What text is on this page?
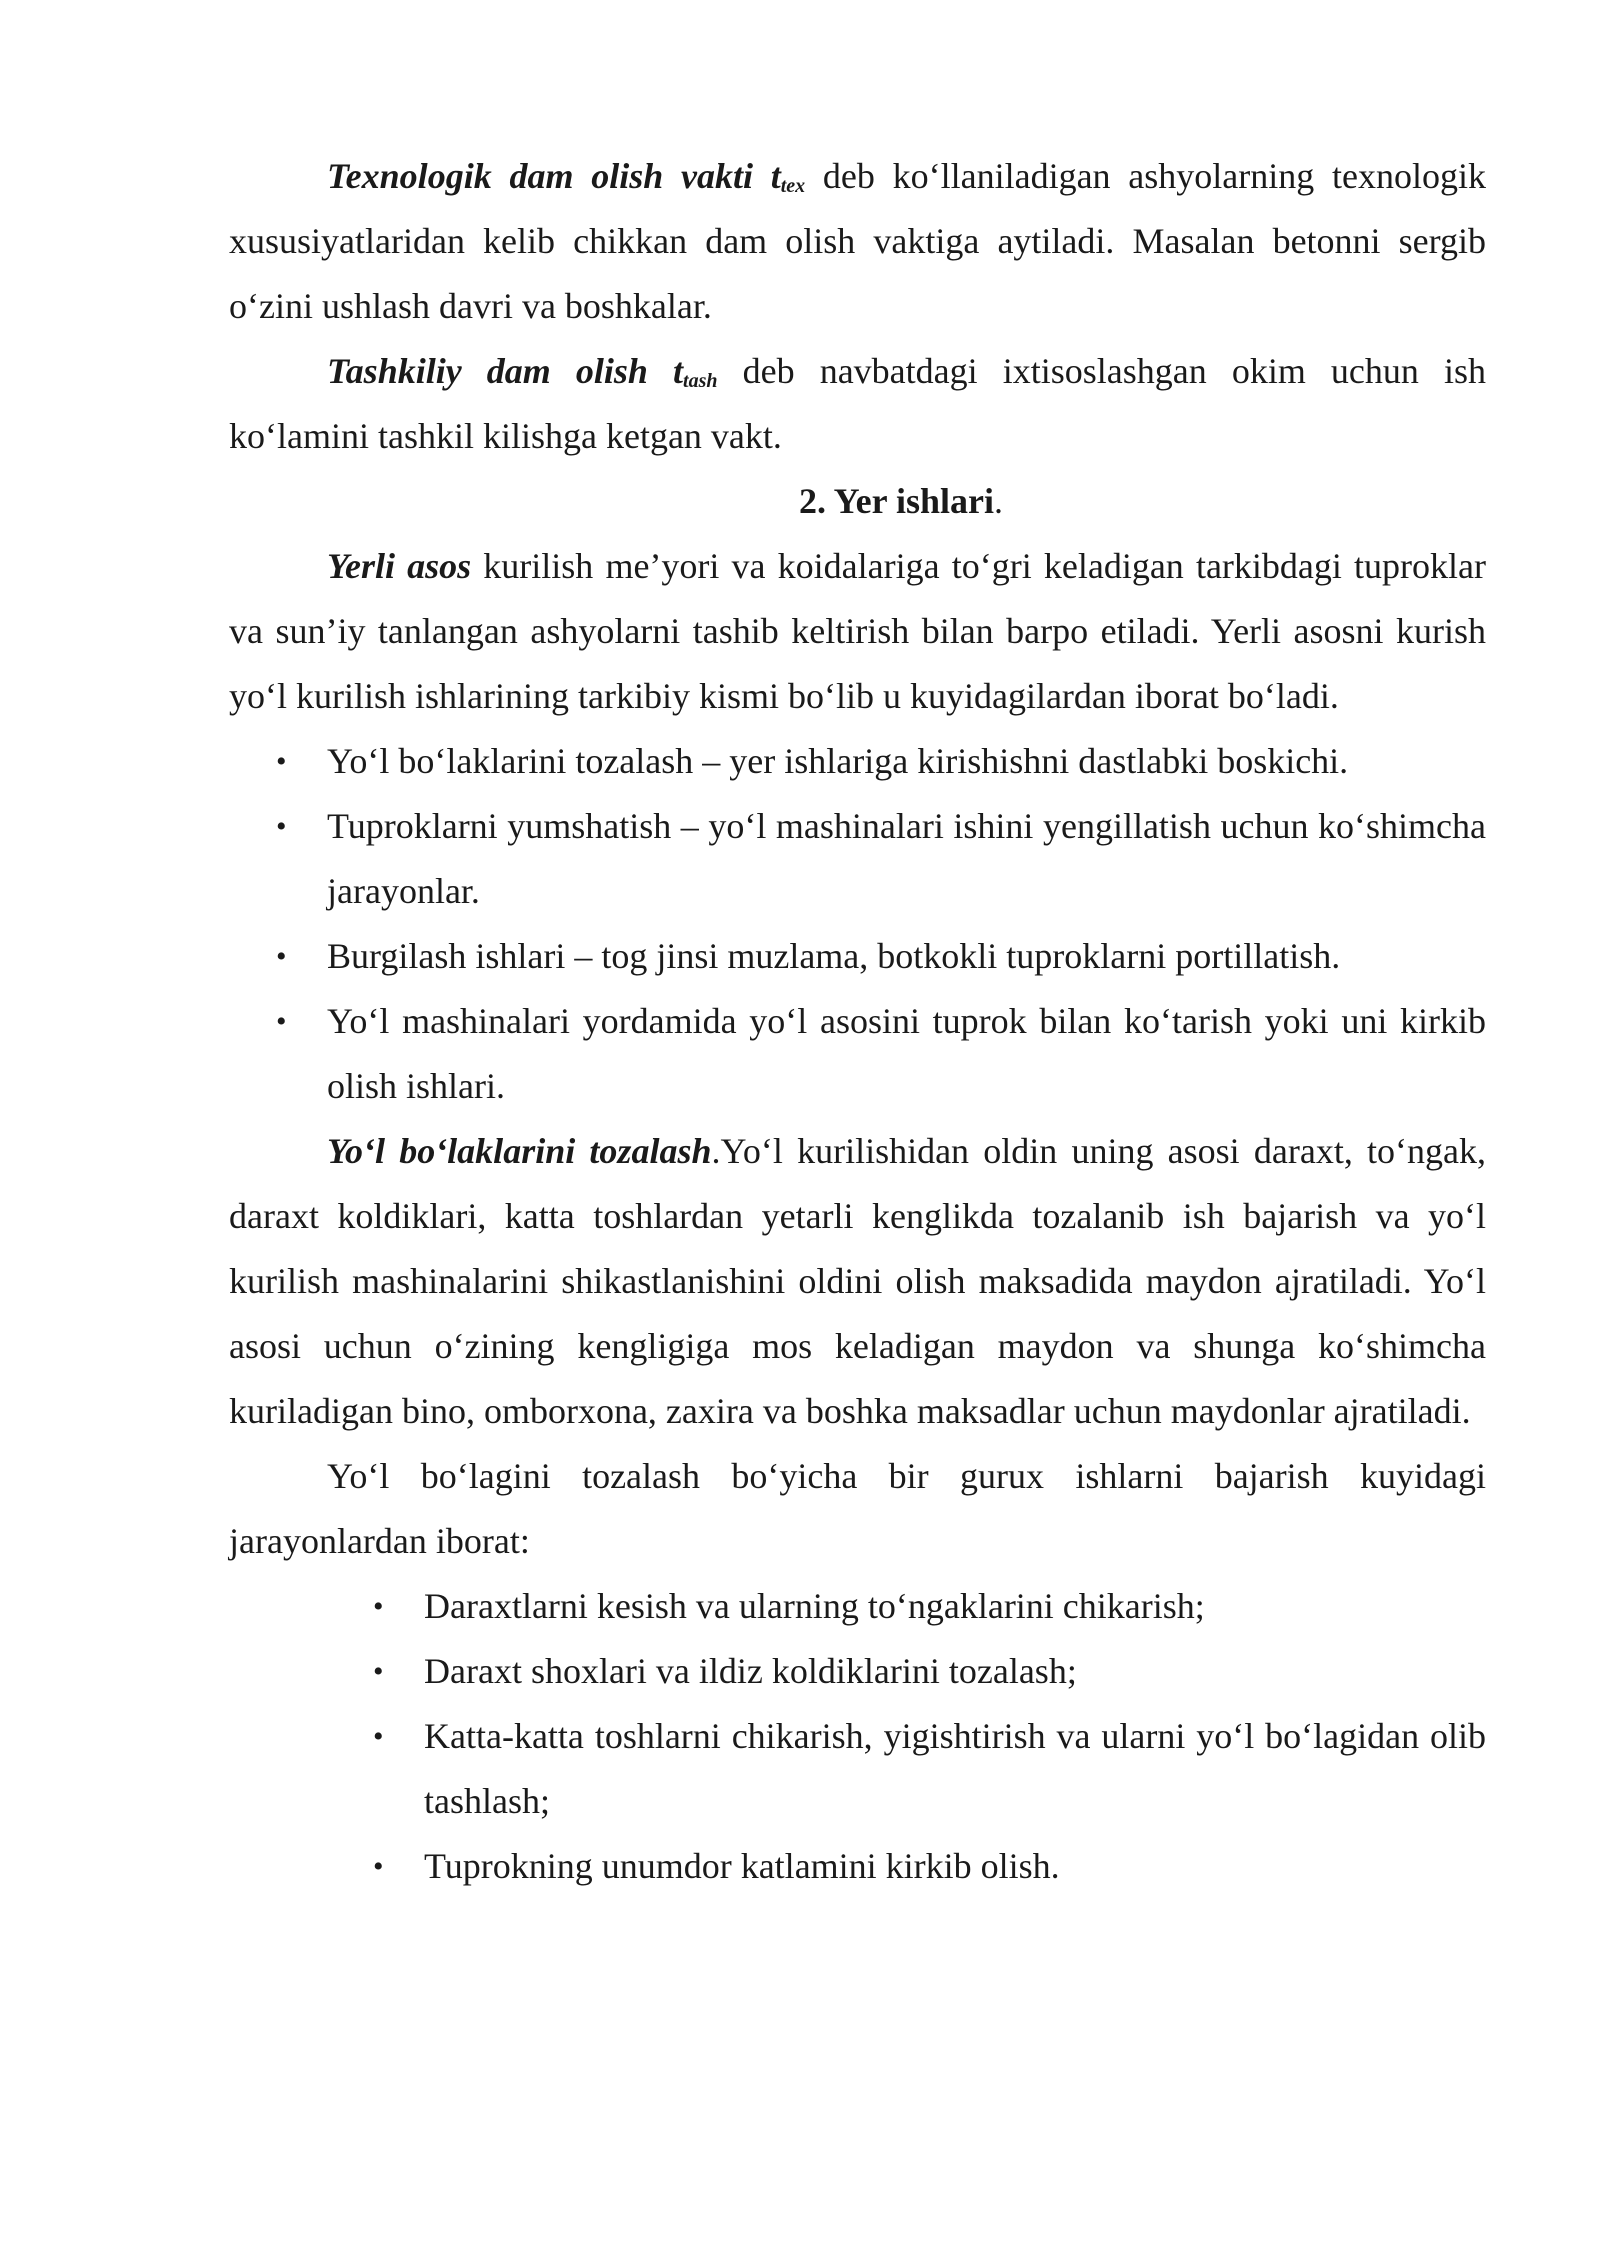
Texnologik dam olish vakti $t_{tex}$ deb ko‘llaniladigan ashyolarning texnologik xususiyatlaridan kelib chikkan dam olish vaktiga aytiladi. Masalan betonni sergib o‘zini ushlash davri va boshkalar.

Tashkiliy dam olish $t_{tash}$ deb navbatdagi ixtisoslashgan okim uchun ish ko‘lamini tashkil kilishga ketgan vakt.

2. Yer ishlari.

Yerli asos kurilish me’yori va koidalariga to‘gri keladigan tarkibdagi tuproklar va sun’iy tanlangan ashyolarni tashib keltirish bilan barpo etiladi. Yerli asosni kurish yo‘l kurilish ishlarining tarkibiy kismi bo‘lib u kuyidagilardan iborat bo‘ladi.

• Yo‘l bo‘laklarini tozalash – yer ishlariga kirishishni dastlabki boskichi.
• Tuproklarni yumshatish – yo‘l mashinalari ishini yengillatish uchun ko‘shimcha jarayonlar.
• Burgilash ishlari – tog jinsi muzlama, botkokli tuproklarni portillatish.
• Yo‘l mashinalari yordamida yo‘l asosini tuprok bilan ko‘tarish yoki uni kirkib olish ishlari.

Yo‘l bo‘laklarini tozalash.Yo‘l kurilishidan oldin uning asosi daraxt, to‘ngak, daraxt koldiklari, katta toshlardan yetarli kenglikda tozalanib ish bajarish va yo‘l kurilish mashinalarini shikastlanishini oldini olish maksadida maydon ajratiladi. Yo‘l asosi uchun o‘zining kengligiga mos keladigan maydon va shunga ko‘shimcha kuriladigan bino, omborxona, zaxira va boshka maksadlar uchun maydonlar ajratiladi.

Yo‘l bo‘lagini tozalash bo‘yicha bir gurux ishlarni bajarish kuyidagi jarayonlardan iborat:

• Daraxtlarni kesish va ularning to‘ngaklarini chikarish;
• Daraxt shoxlari va ildiz koldiklarini tozalash;
• Katta-katta toshlarni chikarish, yigishtirish va ularni yo‘l bo‘lagidan olib tashlash;
• Tuprokning unumdor katlamini kirkib olish.
